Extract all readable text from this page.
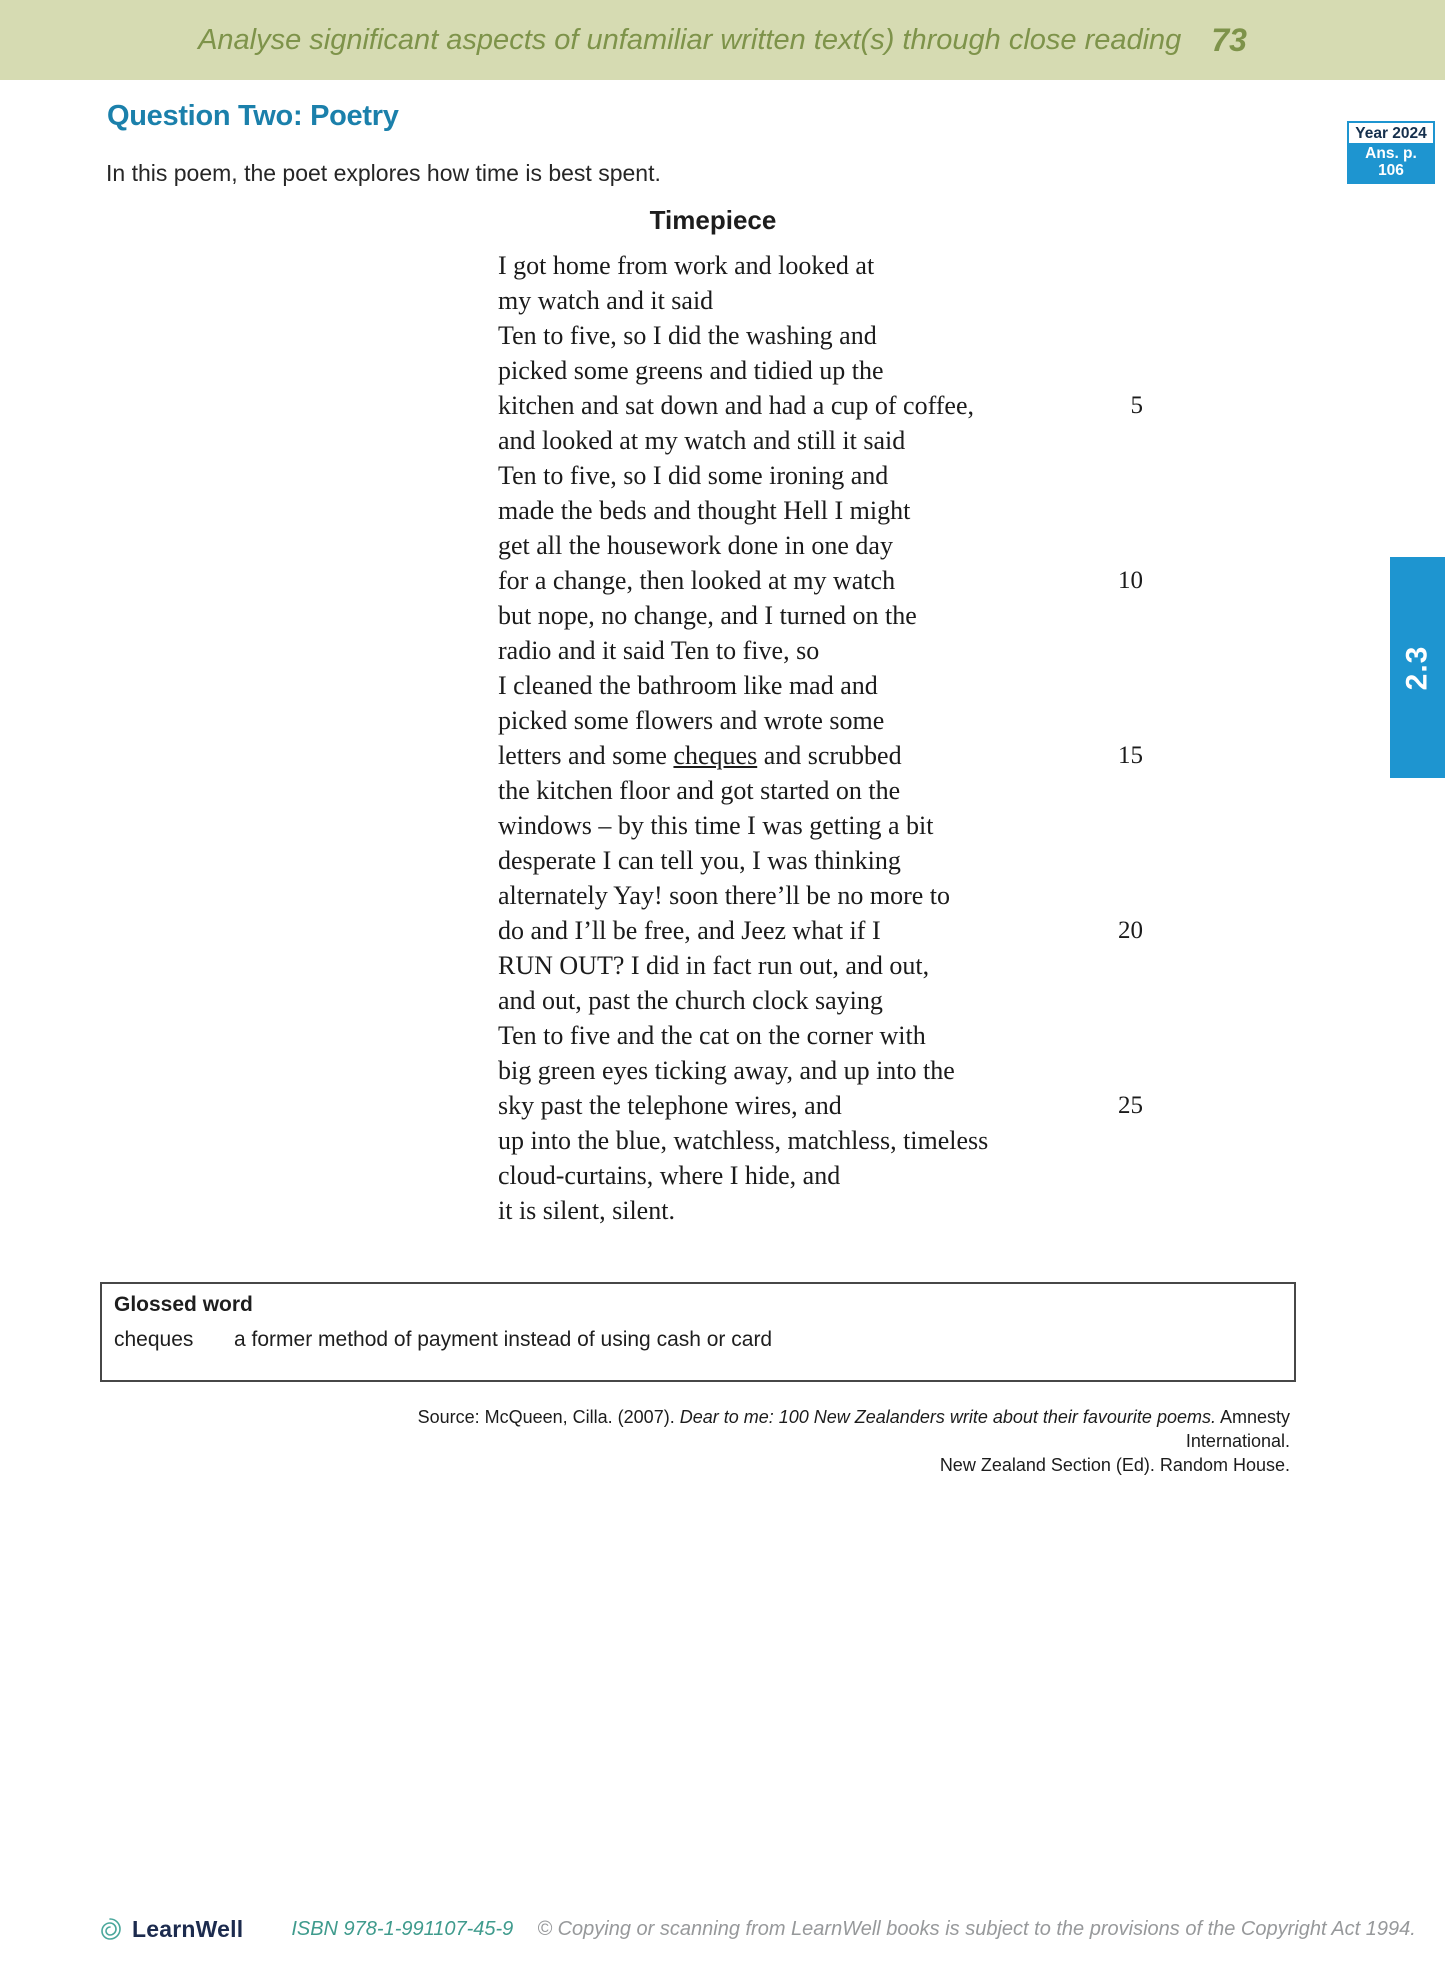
Analyse significant aspects of unfamiliar written text(s) through close reading 73
Question Two: Poetry
Year 2024
Ans. p. 106
In this poem, the poet explores how time is best spent.
Timepiece
I got home from work and looked at
my watch and it said
Ten to five, so I did the washing and
picked some greens and tidied up the
kitchen and sat down and had a cup of coffee,	5
and looked at my watch and still it said
Ten to five, so I did some ironing and
made the beds and thought Hell I might
get all the housework done in one day
for a change, then looked at my watch	10
but nope, no change, and I turned on the
radio and it said Ten to five, so
I cleaned the bathroom like mad and
picked some flowers and wrote some
letters and some cheques and scrubbed	15
the kitchen floor and got started on the
windows – by this time I was getting a bit
desperate I can tell you, I was thinking
alternately Yay! soon there’ll be no more to
do and I’ll be free, and Jeez what if I	20
RUN OUT? I did in fact run out, and out,
and out, past the church clock saying
Ten to five and the cat on the corner with
big green eyes ticking away, and up into the
sky past the telephone wires, and	25
up into the blue, watchless, matchless, timeless
cloud-curtains, where I hide, and
it is silent, silent.
2.3
Glossed word
cheques a former method of payment instead of using cash or card
Source: McQueen, Cilla. (2007). Dear to me: 100 New Zealanders write about their favourite poems. Amnesty International.
New Zealand Section (Ed). Random House.
LearnWell ISBN 978-1-991107-45-9 © Copying or scanning from LearnWell books is subject to the provisions of the Copyright Act 1994.
